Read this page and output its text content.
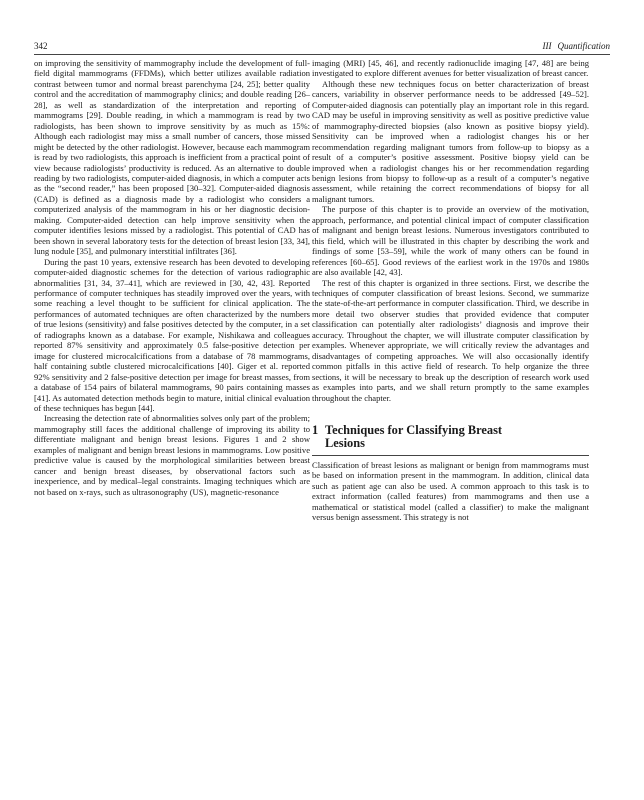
342	III Quantification

on improving the sensitivity of mammography include the development of full-field digital mammograms (FFDMs), which better utilizes available radiation contrast between tumor and normal breast parenchyma [24, 25]; better quality control and the accreditation of mammography clinics; and double reading [26–28], as well as standardization of the interpretation and reporting of mammograms [29]. Double reading, in which a mammogram is read by two radiologists, has been shown to improve sensitivity by as much as 15%: Although each radiologist may miss a small number of cancers, those missed might be detected by the other radiologist. However, because each mammogram is read by two radiologists, this approach is inefficient from a practical point of view because radiologists’ productivity is reduced. As an alternative to double reading by two radiologists, computer-aided diagnosis, in which a computer acts as the “second reader,” has been proposed [30–32]. Computer-aided diagnosis (CAD) is defined as a diagnosis made by a radiologist who considers a computerized analysis of the mammogram in his or her diagnostic decision-making. Computer-aided detection can help improve sensitivity when the computer identifies lesions missed by a radiologist. This potential of CAD has been shown in several laboratory tests for the detection of breast lesion [33, 34], lung nodule [35], and pulmonary interstitial infiltrates [36].

During the past 10 years, extensive research has been devoted to developing computer-aided diagnostic schemes for the detection of various radiographic abnormalities [31, 34, 37–41], which are reviewed in [30, 42, 43]. Reported performance of computer techniques has steadily improved over the years, with some reaching a level thought to be sufficient for clinical application. The performances of automated techniques are often characterized by the numbers of true lesions (sensitivity) and false positives detected by the computer, in a set of radiographs known as a database. For example, Nishikawa and colleagues reported 87% sensitivity and approximately 0.5 false-positive detection per image for clustered microcalcifications from a database of 78 mammograms, half containing subtle clustered microcalcifications [40]. Giger et al. reported 92% sensitivity and 2 false-positive detection per image for breast masses, from a database of 154 pairs of bilateral mammograms, 90 pairs containing masses [41]. As automated detection methods begin to mature, initial clinical evaluation of these techniques has begun [44].

Increasing the detection rate of abnormalities solves only part of the problem; mammography still faces the additional challenge of improving its ability to differentiate malignant and benign breast lesions. Figures 1 and 2 show examples of malignant and benign breast lesions in mammograms. Low positive predictive value is caused by the morphological similarities between breast cancer and benign breast diseases, by observational factors such as inexperience, and by medical–legal constraints. Imaging techniques which are not based on x-rays, such as ultrasonography (US), magnetic-resonance

imaging (MRI) [45, 46], and recently radionuclide imaging [47, 48] are being investigated to explore different avenues for better visualization of breast cancer.

Although these new techniques focus on better characterization of breast cancers, variability in observer performance needs to be addressed [49–52]. Computer-aided diagnosis can potentially play an important role in this regard. CAD may be useful in improving sensitivity as well as positive predictive value of mammography-directed biopsies (also known as positive biopsy yield). Sensitivity can be improved when a radiologist changes his or her recommendation regarding malignant tumors from follow-up to biopsy as a result of a computer’s positive assessment. Positive biopsy yield can be improved when a radiologist changes his or her recommendation regarding benign lesions from biopsy to follow-up as a result of a computer’s negative assessment, while retaining the correct recommendations of biopsy for all malignant tumors.

The purpose of this chapter is to provide an overview of the motivation, approach, performance, and potential clinical impact of computer classification of malignant and benign breast lesions. Numerous investigators contributed to this field, which will be illustrated in this chapter by describing the work and findings of some [53–59], while the work of many others can be found in references [60–65]. Good reviews of the earliest work in the 1970s and 1980s are also available [42, 43].

The rest of this chapter is organized in three sections. First, we describe the techniques of computer classification of breast lesions. Second, we summarize the state-of-the-art performance in computer classification. Third, we describe in more detail two observer studies that provided evidence that computer classification can potentially alter radiologists’ diagnosis and improve their accuracy. Throughout the chapter, we will illustrate computer classification by examples. Whenever appropriate, we will critically review the advantages and disadvantages of competing approaches. We will also occasionally identify common pitfalls in this active field of research. To help organize the three sections, it will be necessary to break up the description of research work used as examples into parts, and we shall return promptly to the same examples throughout the chapter.

1 Techniques for Classifying Breast
Lesions

Classification of breast lesions as malignant or benign from mammograms must be based on information present in the mammogram. In addition, clinical data such as patient age can also be used. A common approach to this task is to extract information (called features) from mammograms and then use a mathematical or statistical model (called a classifier) to make the malignant versus benign assessment. This strategy is not
